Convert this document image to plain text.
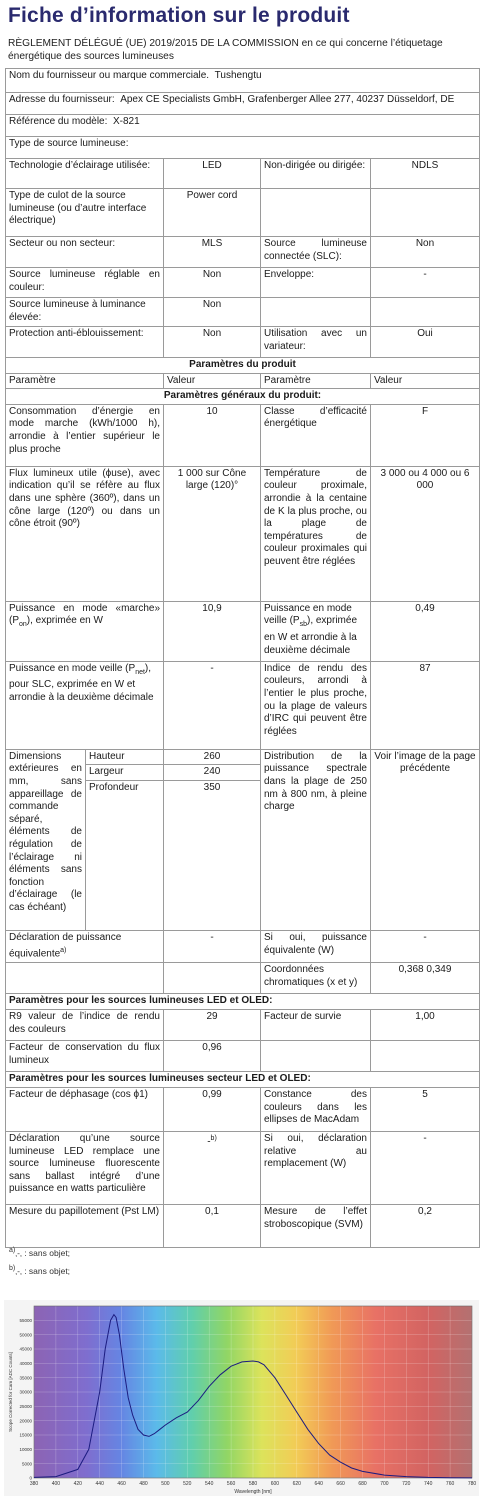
Fiche d’information sur le produit
RÈGLEMENT DÉLÉGUÉ (UE) 2019/2015 DE LA COMMISSION en ce qui concerne l’étiquetage énergétique des sources lumineuses
Nom du fournisseur ou marque commerciale. Tushengtu				
Adresse du fournisseur: Apex CE Specialists GmbH, Grafenberger Allee 277, 40237 Düsseldorf, DE				
Référence du modèle: X-821				
Type de source lumineuse:				
Technologie d’éclairage utilisée:		LED	Non-dirigée ou dirigée:	NDLS
Type de culot de la source lumineuse (ou d’autre interface électrique)		Power cord		
Secteur ou non secteur:		MLS	Source lumineuse connectée (SLC):	Non
Source lumineuse réglable en couleur:		Non	Enveloppe:	-
Source lumineuse à luminance élevée:		Non		
Protection anti-éblouissement:		Non	Utilisation avec un variateur:	Oui
Paramètres du produit				
Paramètre		Valeur	Paramètre	Valeur
Paramètres généraux du produit:				
Consommation d’énergie en mode marche (kWh/1000 h), arrondie à l’entier supérieur le plus proche		10	Classe d’efficacité énergétique	F
Flux lumineux utile (ϕuse), avec indication qu’il se réfère au flux dans une sphère (360º), dans un cône large (120º) ou dans un cône étroit (90º)		1 000 sur Cône large (120)°	Température de couleur proximale, arrondie à la centaine de K la plus proche, ou la plage de températures de couleur proximales qui peuvent être réglées	3 000 ou 4 000 ou 6 000
Puissance en mode «marche» $(P_{on})$, exprimée en W		10,9	Puissance en mode veille $(P_{sb})$, exprimée en W et arrondie à la deuxième décimale	0,49
Puissance en mode veille $(P_{net})$, pour SLC, exprimée en W et arrondie à la deuxième décimale		-	Indice de rendu des couleurs, arrondi à l’entier le plus proche, ou la plage de valeurs d’IRC qui peuvent être réglées	87
Dimensions extérieures en mm, sans appareillage de commande séparé, éléments de régulation de l’éclairage ni éléments sans fonction d’éclairage (le cas échéant)	Hauteur	260	Distribution de la puissance spectrale dans la plage de 250 nm à 800 nm, à pleine charge	Voir l’image de la page précédente
	Largeur	240		
	Profondeur	350		
Déclaration de puissance équivalente$^{a)}$		-	Si oui, puissance équivalente (W)	-
			Coordonnées chromatiques (x et y)	0,368 0,349
Paramètres pour les sources lumineuses LED et OLED:				
R9 valeur de l’indice de rendu des couleurs		29	Facteur de survie	1,00
Facteur de conservation du flux lumineux		0,96		
Paramètres pour les sources lumineuses secteur LED et OLED:				
Facteur de déphasage (cos ϕ1)		0,99	Constance des couleurs dans les ellipses de MacAdam	5
Déclaration qu’une source lumineuse LED remplace une source lumineuse fluorescente sans ballast intégré d’une puissance en watts particulière		-$^{b)}$	Si oui, déclaration relative au remplacement (W)	-
Mesure du papillotement (Pst LM)		0,1	Mesure de l’effet stroboscopique (SVM)	0,2
$^{a)}$‚-‚ : sans objet;
$^{b)}$‚-‚ : sans objet;
380	400	420	440	460	480	500	520	540	560	580	600	620	640	660	680	700	720	740	760	780
0
5000
10000
15000
20000
25000
30000
35000
40000
45000
50000
55000
Wavelength [nm]
Scope Corrected for Cam [ADC Counts]
